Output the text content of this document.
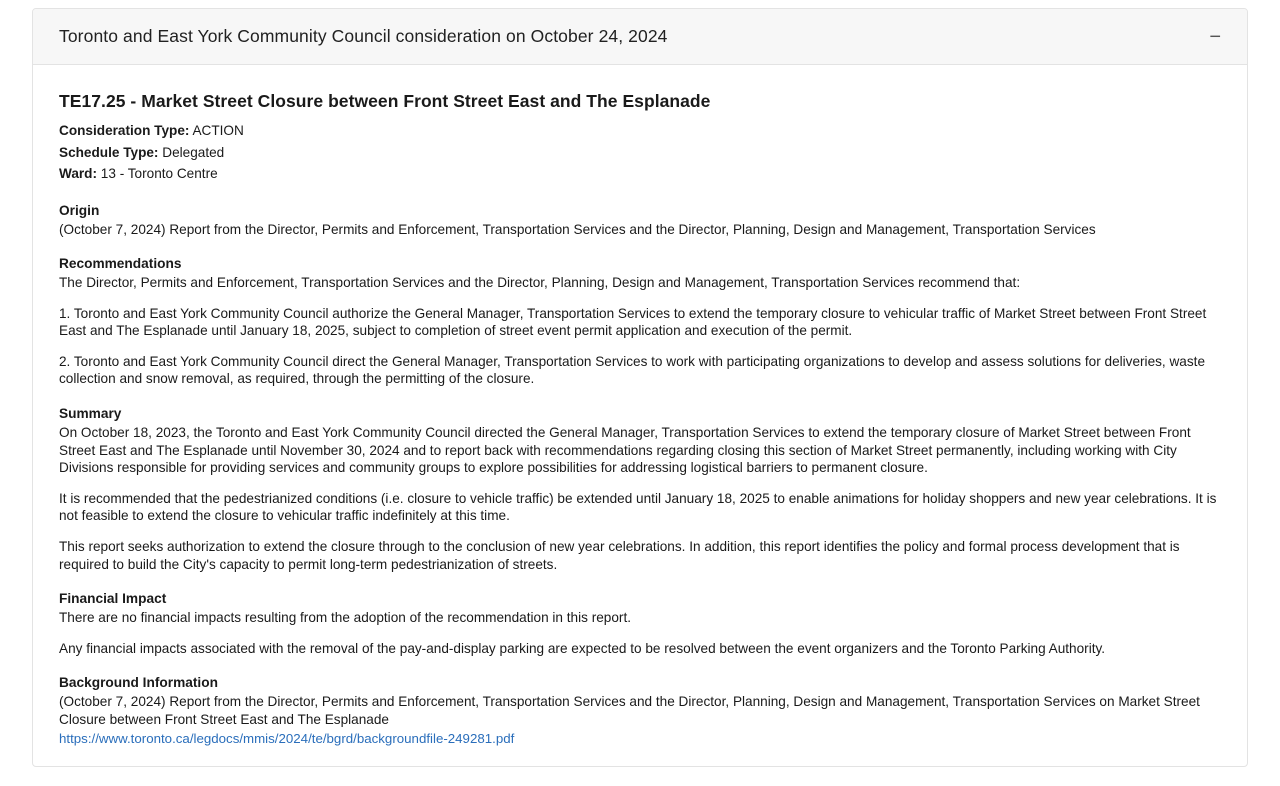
Toronto and East York Community Council consideration on October 24, 2024	−
TE17.25 - Market Street Closure between Front Street East and The Esplanade
Consideration Type: ACTION
Schedule Type: Delegated
Ward: 13 - Toronto Centre
Origin

(October 7, 2024) Report from the Director, Permits and Enforcement, Transportation Services and the Director, Planning, Design and Management, Transportation Services

Recommendations

The Director, Permits and Enforcement, Transportation Services and the Director, Planning, Design and Management, Transportation Services recommend that:

1. Toronto and East York Community Council authorize the General Manager, Transportation Services to extend the temporary closure to vehicular traffic of Market Street between Front Street East and The Esplanade until January 18, 2025, subject to completion of street event permit application and execution of the permit.

2. Toronto and East York Community Council direct the General Manager, Transportation Services to work with participating organizations to develop and assess solutions for deliveries, waste collection and snow removal, as required, through the permitting of the closure.

Summary

On October 18, 2023, the Toronto and East York Community Council directed the General Manager, Transportation Services to extend the temporary closure of Market Street between Front Street East and The Esplanade until November 30, 2024 and to report back with recommendations regarding closing this section of Market Street permanently, including working with City Divisions responsible for providing services and community groups to explore possibilities for addressing logistical barriers to permanent closure.

It is recommended that the pedestrianized conditions (i.e. closure to vehicle traffic) be extended until January 18, 2025 to enable animations for holiday shoppers and new year celebrations. It is not feasible to extend the closure to vehicular traffic indefinitely at this time.

This report seeks authorization to extend the closure through to the conclusion of new year celebrations. In addition, this report identifies the policy and formal process development that is required to build the City's capacity to permit long-term pedestrianization of streets.

Financial Impact

There are no financial impacts resulting from the adoption of the recommendation in this report.

Any financial impacts associated with the removal of the pay-and-display parking are expected to be resolved between the event organizers and the Toronto Parking Authority.

Background Information

(October 7, 2024) Report from the Director, Permits and Enforcement, Transportation Services and the Director, Planning, Design and Management, Transportation Services on Market Street Closure between Front Street East and The Esplanade

https://www.toronto.ca/legdocs/mmis/2024/te/bgrd/backgroundfile-249281.pdf
